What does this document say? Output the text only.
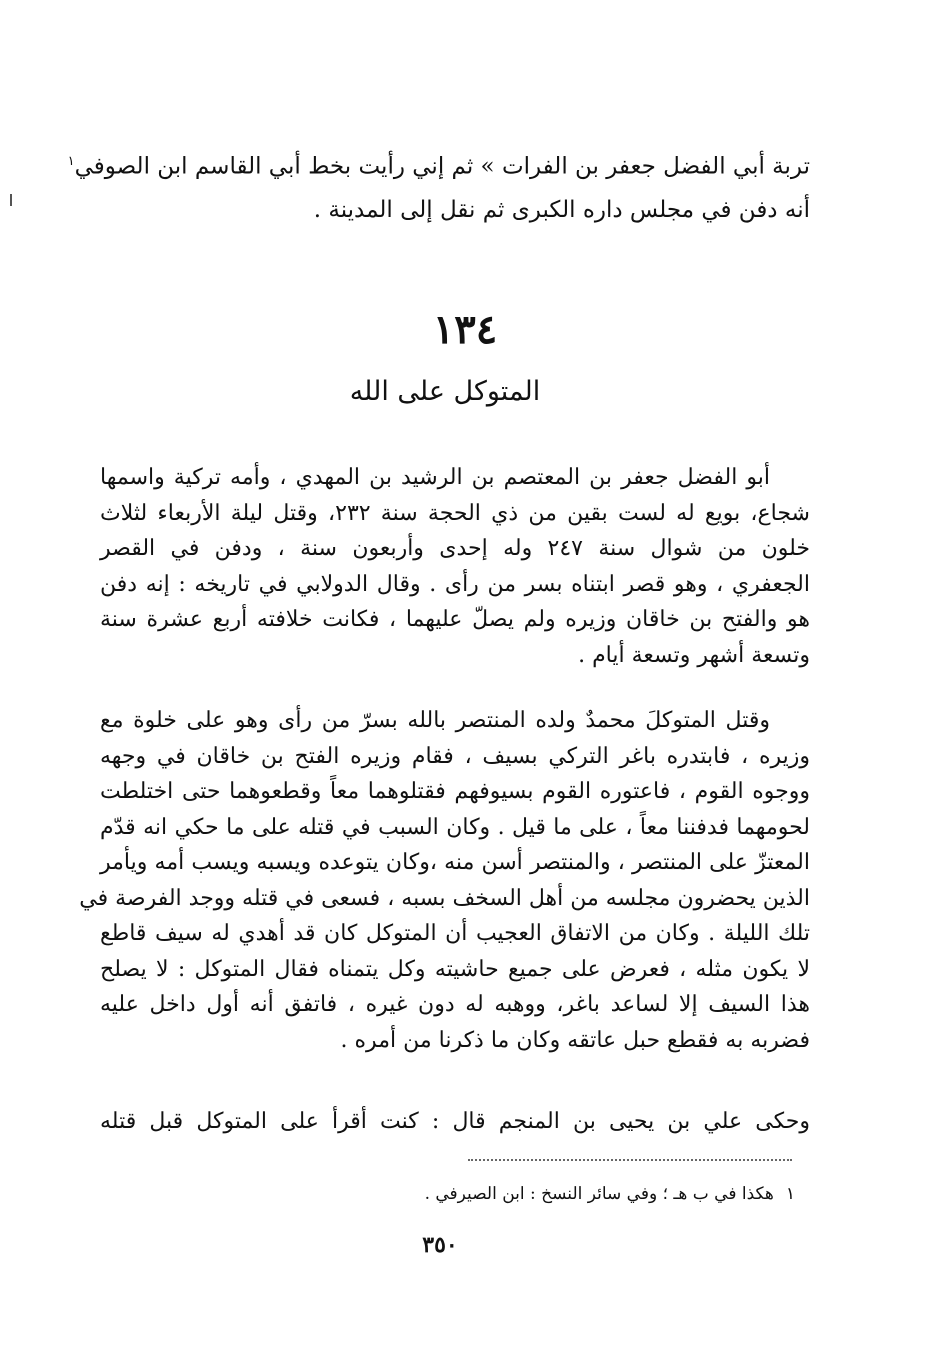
تربة أبي الفضل جعفر بن الفرات » ثم إني رأيت بخط أبي القاسم ابن الصوفي$^١$
أنه دفن في مجلس داره الكبرى ثم نقل إلى المدينة .
١٣٤
المتوكل على الله
أبو الفضل جعفر بن المعتصم بن الرشيد بن المهدي ، وأمه تركية واسمها
شجاع، بويع له لست بقين من ذي الحجة سنة ٢٣٢، وقتل ليلة الأربعاء لثلاث
خلون من شوال سنة ٢٤٧ وله إحدى وأربعون سنة ، ودفن في القصر
الجعفري ، وهو قصر ابتناه بسر من رأى . وقال الدولابي في تاريخه : إنه دفن
هو والفتح بن خاقان وزيره ولم يصلّ عليهما ، فكانت خلافته أربع عشرة سنة
وتسعة أشهر وتسعة أيام .
وقتل المتوكلَ محمدٌ ولده المنتصر بالله بسرّ من رأى وهو على خلوة مع
وزيره ، فابتدره باغر التركي بسيف ، فقام وزيره الفتح بن خاقان في وجهه
ووجوه القوم ، فاعتوره القوم بسيوفهم فقتلوهما معاً وقطعوهما حتى اختلطت
لحومهما فدفننا معاً ، على ما قيل . وكان السبب في قتله على ما حكي انه قدّم
المعتزّ على المنتصر ، والمنتصر أسن منه ،وكان يتوعده ويسبه ويسب أمه ويأمر
الذين يحضرون مجلسه من أهل السخف بسبه ، فسعى في قتله ووجد الفرصة في
تلك الليلة . وكان من الاتفاق العجيب أن المتوكل كان قد أهدي له سيف قاطع
لا يكون مثله ، فعرض على جميع حاشيته وكل يتمناه فقال المتوكل : لا يصلح
هذا السيف إلا لساعد باغر، ووهبه له دون غيره ، فاتفق أنه أول داخل عليه
فضربه به فقطع حبل عاتقه وكان ما ذكرنا من أمره .
وحكى علي بن يحيى بن المنجم قال : كنت أقرأ على المتوكل قبل قتله
١هكذا في ب هـ ؛ وفي سائر النسخ : ابن الصيرفي .
٣٥٠
